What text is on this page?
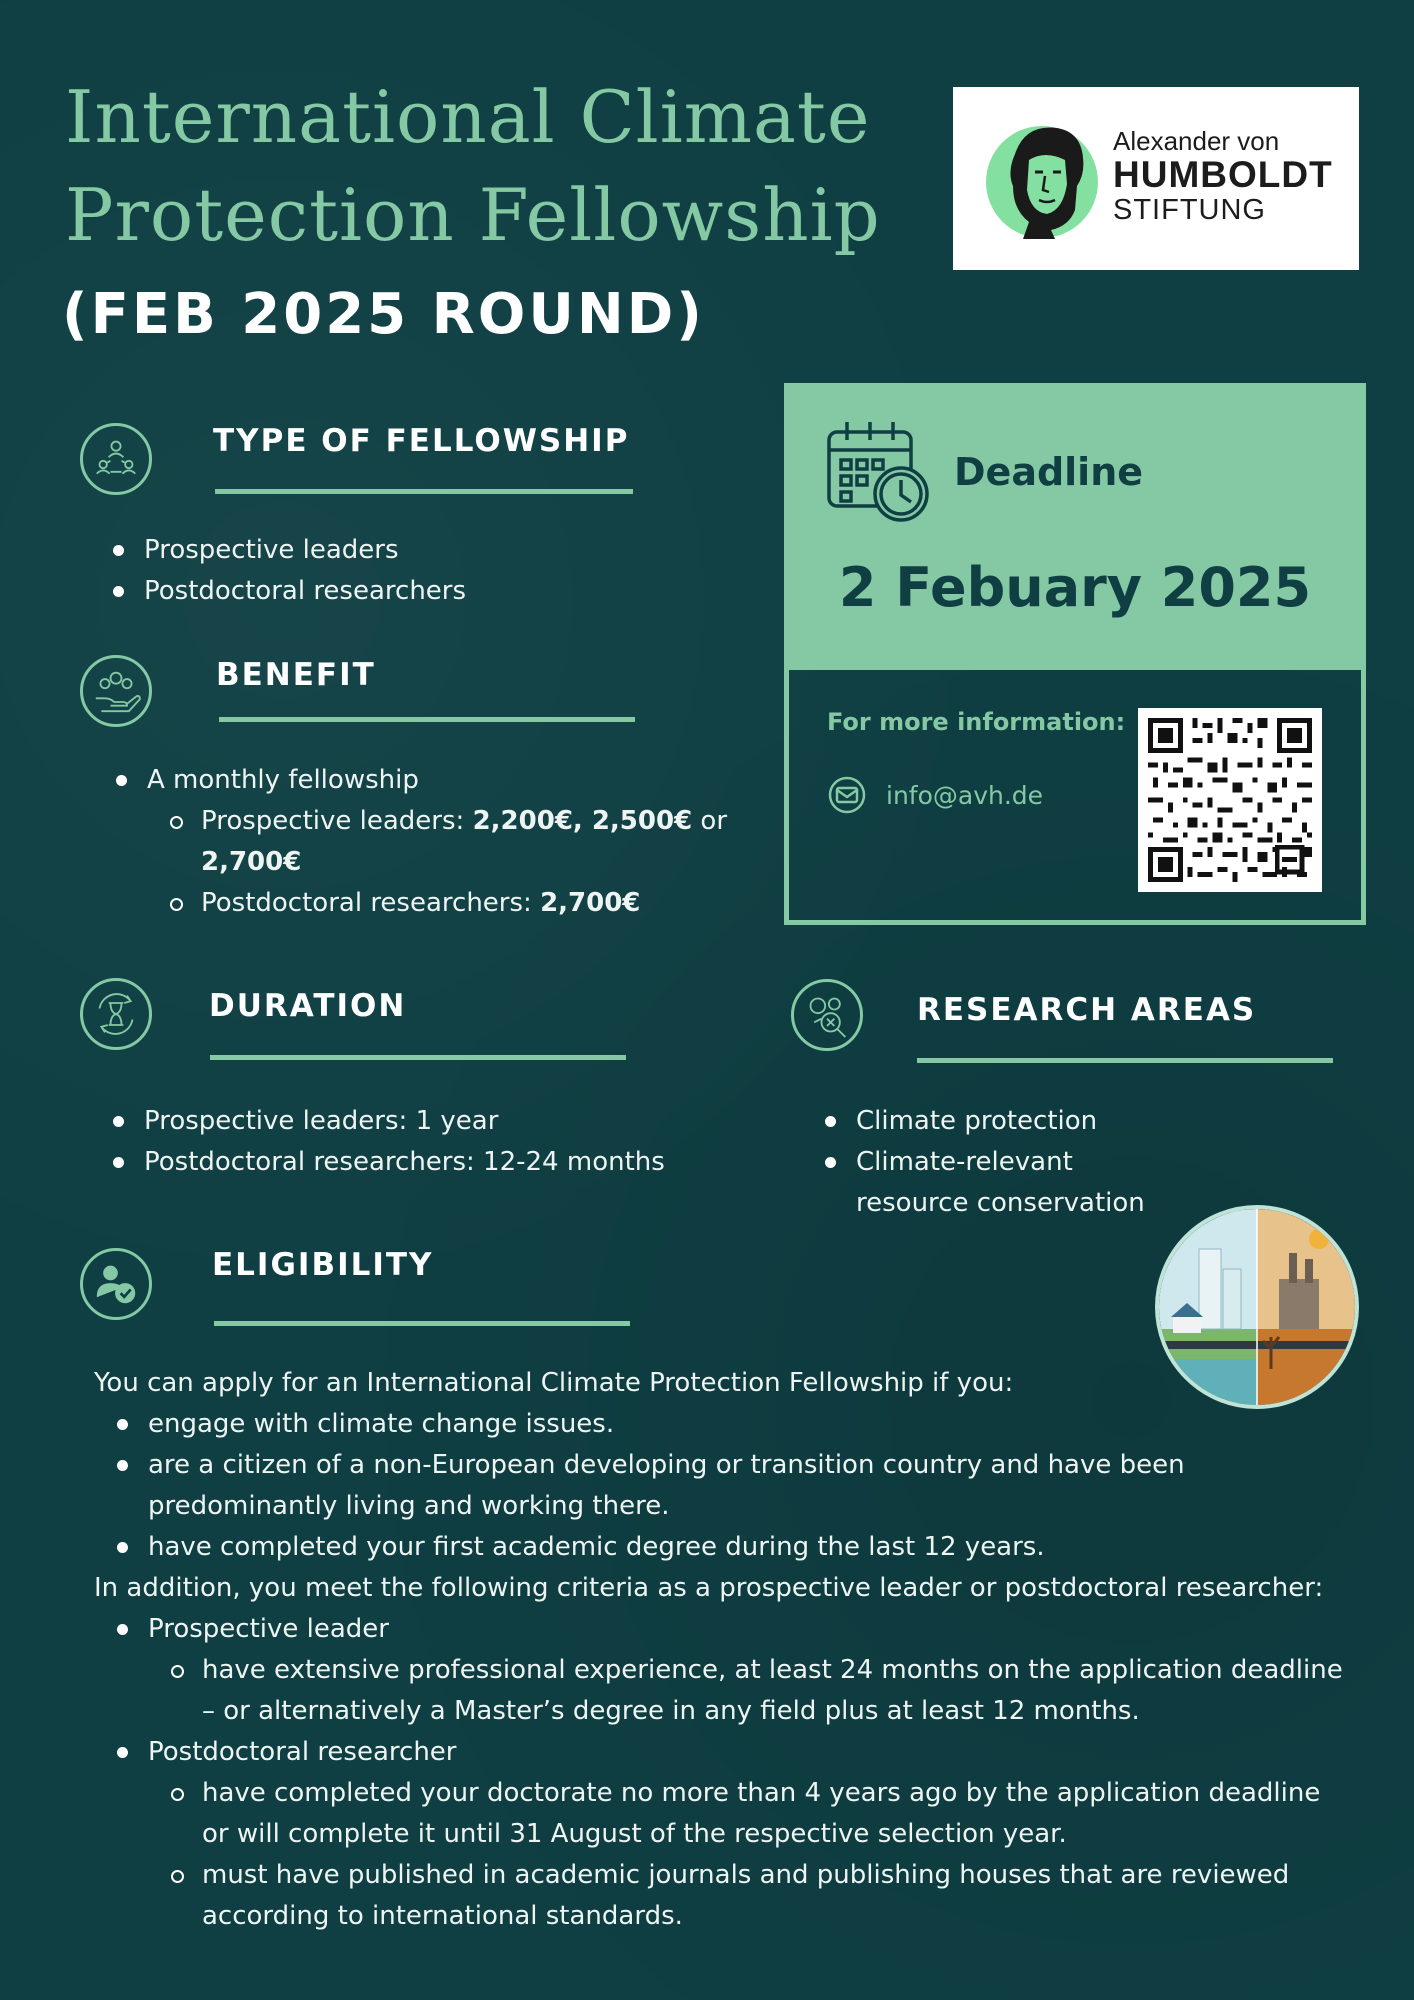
International Climate
Protection Fellowship
(FEB 2025 ROUND)
Alexander von
HUMBOLDT
STIFTUNG
TYPE OF FELLOWSHIP
Prospective leaders
Postdoctoral researchers
BENEFIT
A monthly fellowship
Prospective leaders: 2,200€, 2,500€ or
2,700€
Postdoctoral researchers: 2,700€
Deadline
2 Febuary 2025
For more information:
info@avh.de
DURATION
Prospective leaders: 1 year
Postdoctoral researchers: 12-24 months
RESEARCH AREAS
Climate protection
Climate-relevant resource conservation
ELIGIBILITY
You can apply for an International Climate Protection Fellowship if you:
engage with climate change issues.
are a citizen of a non-European developing or transition country and have been predominantly living and working there.
have completed your first academic degree during the last 12 years.
In addition, you meet the following criteria as a prospective leader or postdoctoral researcher:
Prospective leader
have extensive professional experience, at least 24 months on the application deadline – or alternatively a Master’s degree in any field plus at least 12 months.
Postdoctoral researcher
have completed your doctorate no more than 4 years ago by the application deadline or will complete it until 31 August of the respective selection year.
must have published in academic journals and publishing houses that are reviewed according to international standards.
